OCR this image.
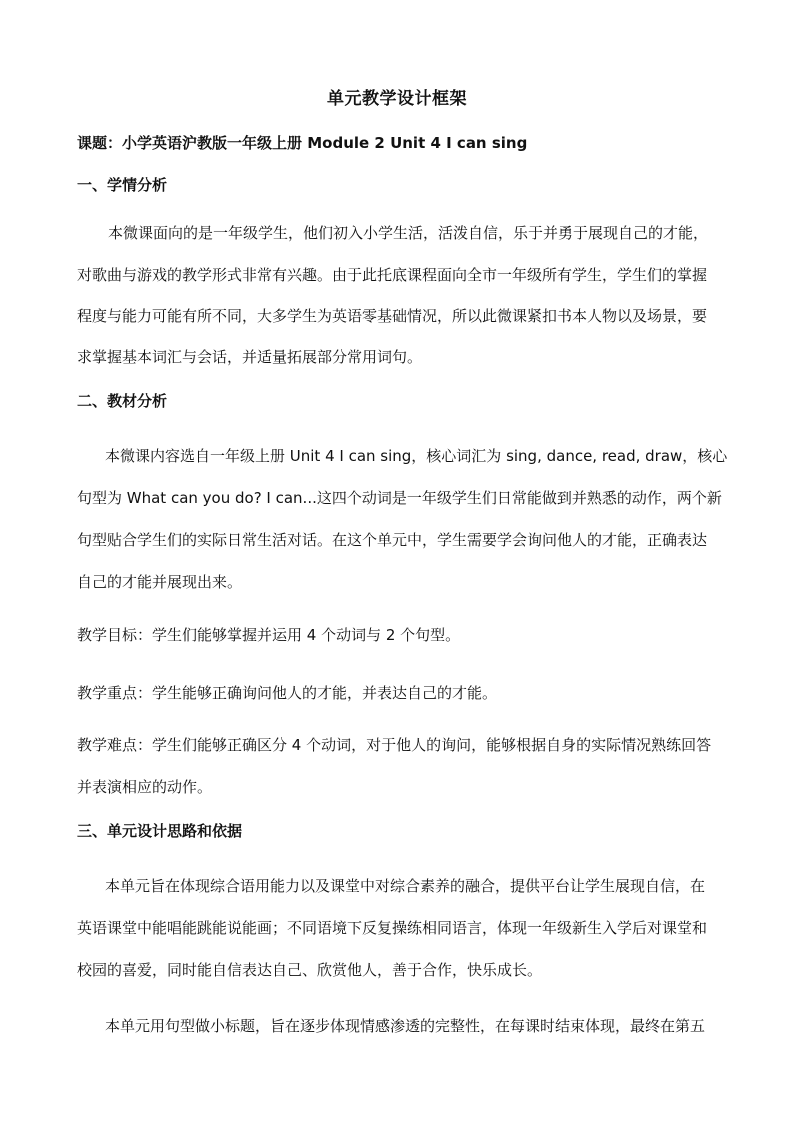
单元教学设计框架
课题：小学英语沪教版一年级上册 Module 2 Unit 4 I can sing
一、学情分析
本微课面向的是一年级学生，他们初入小学生活，活泼自信，乐于并勇于展现自己的才能，
对歌曲与游戏的教学形式非常有兴趣。由于此托底课程面向全市一年级所有学生，学生们的掌握
程度与能力可能有所不同，大多学生为英语零基础情况，所以此微课紧扣书本人物以及场景，要
求掌握基本词汇与会话，并适量拓展部分常用词句。
二、教材分析
本微课内容选自一年级上册 Unit 4 I can sing，核心词汇为 sing, dance, read, draw，核心
句型为 What can you do? I can...这四个动词是一年级学生们日常能做到并熟悉的动作，两个新
句型贴合学生们的实际日常生活对话。在这个单元中，学生需要学会询问他人的才能，正确表达
自己的才能并展现出来。
教学目标：学生们能够掌握并运用 4 个动词与 2 个句型。
教学重点：学生能够正确询问他人的才能，并表达自己的才能。
教学难点：学生们能够正确区分 4 个动词，对于他人的询问，能够根据自身的实际情况熟练回答
并表演相应的动作。
三、单元设计思路和依据
本单元旨在体现综合语用能力以及课堂中对综合素养的融合，提供平台让学生展现自信，在
英语课堂中能唱能跳能说能画；不同语境下反复操练相同语言，体现一年级新生入学后对课堂和
校园的喜爱，同时能自信表达自己、欣赏他人，善于合作，快乐成长。
本单元用句型做小标题，旨在逐步体现情感渗透的完整性，在每课时结束体现，最终在第五
